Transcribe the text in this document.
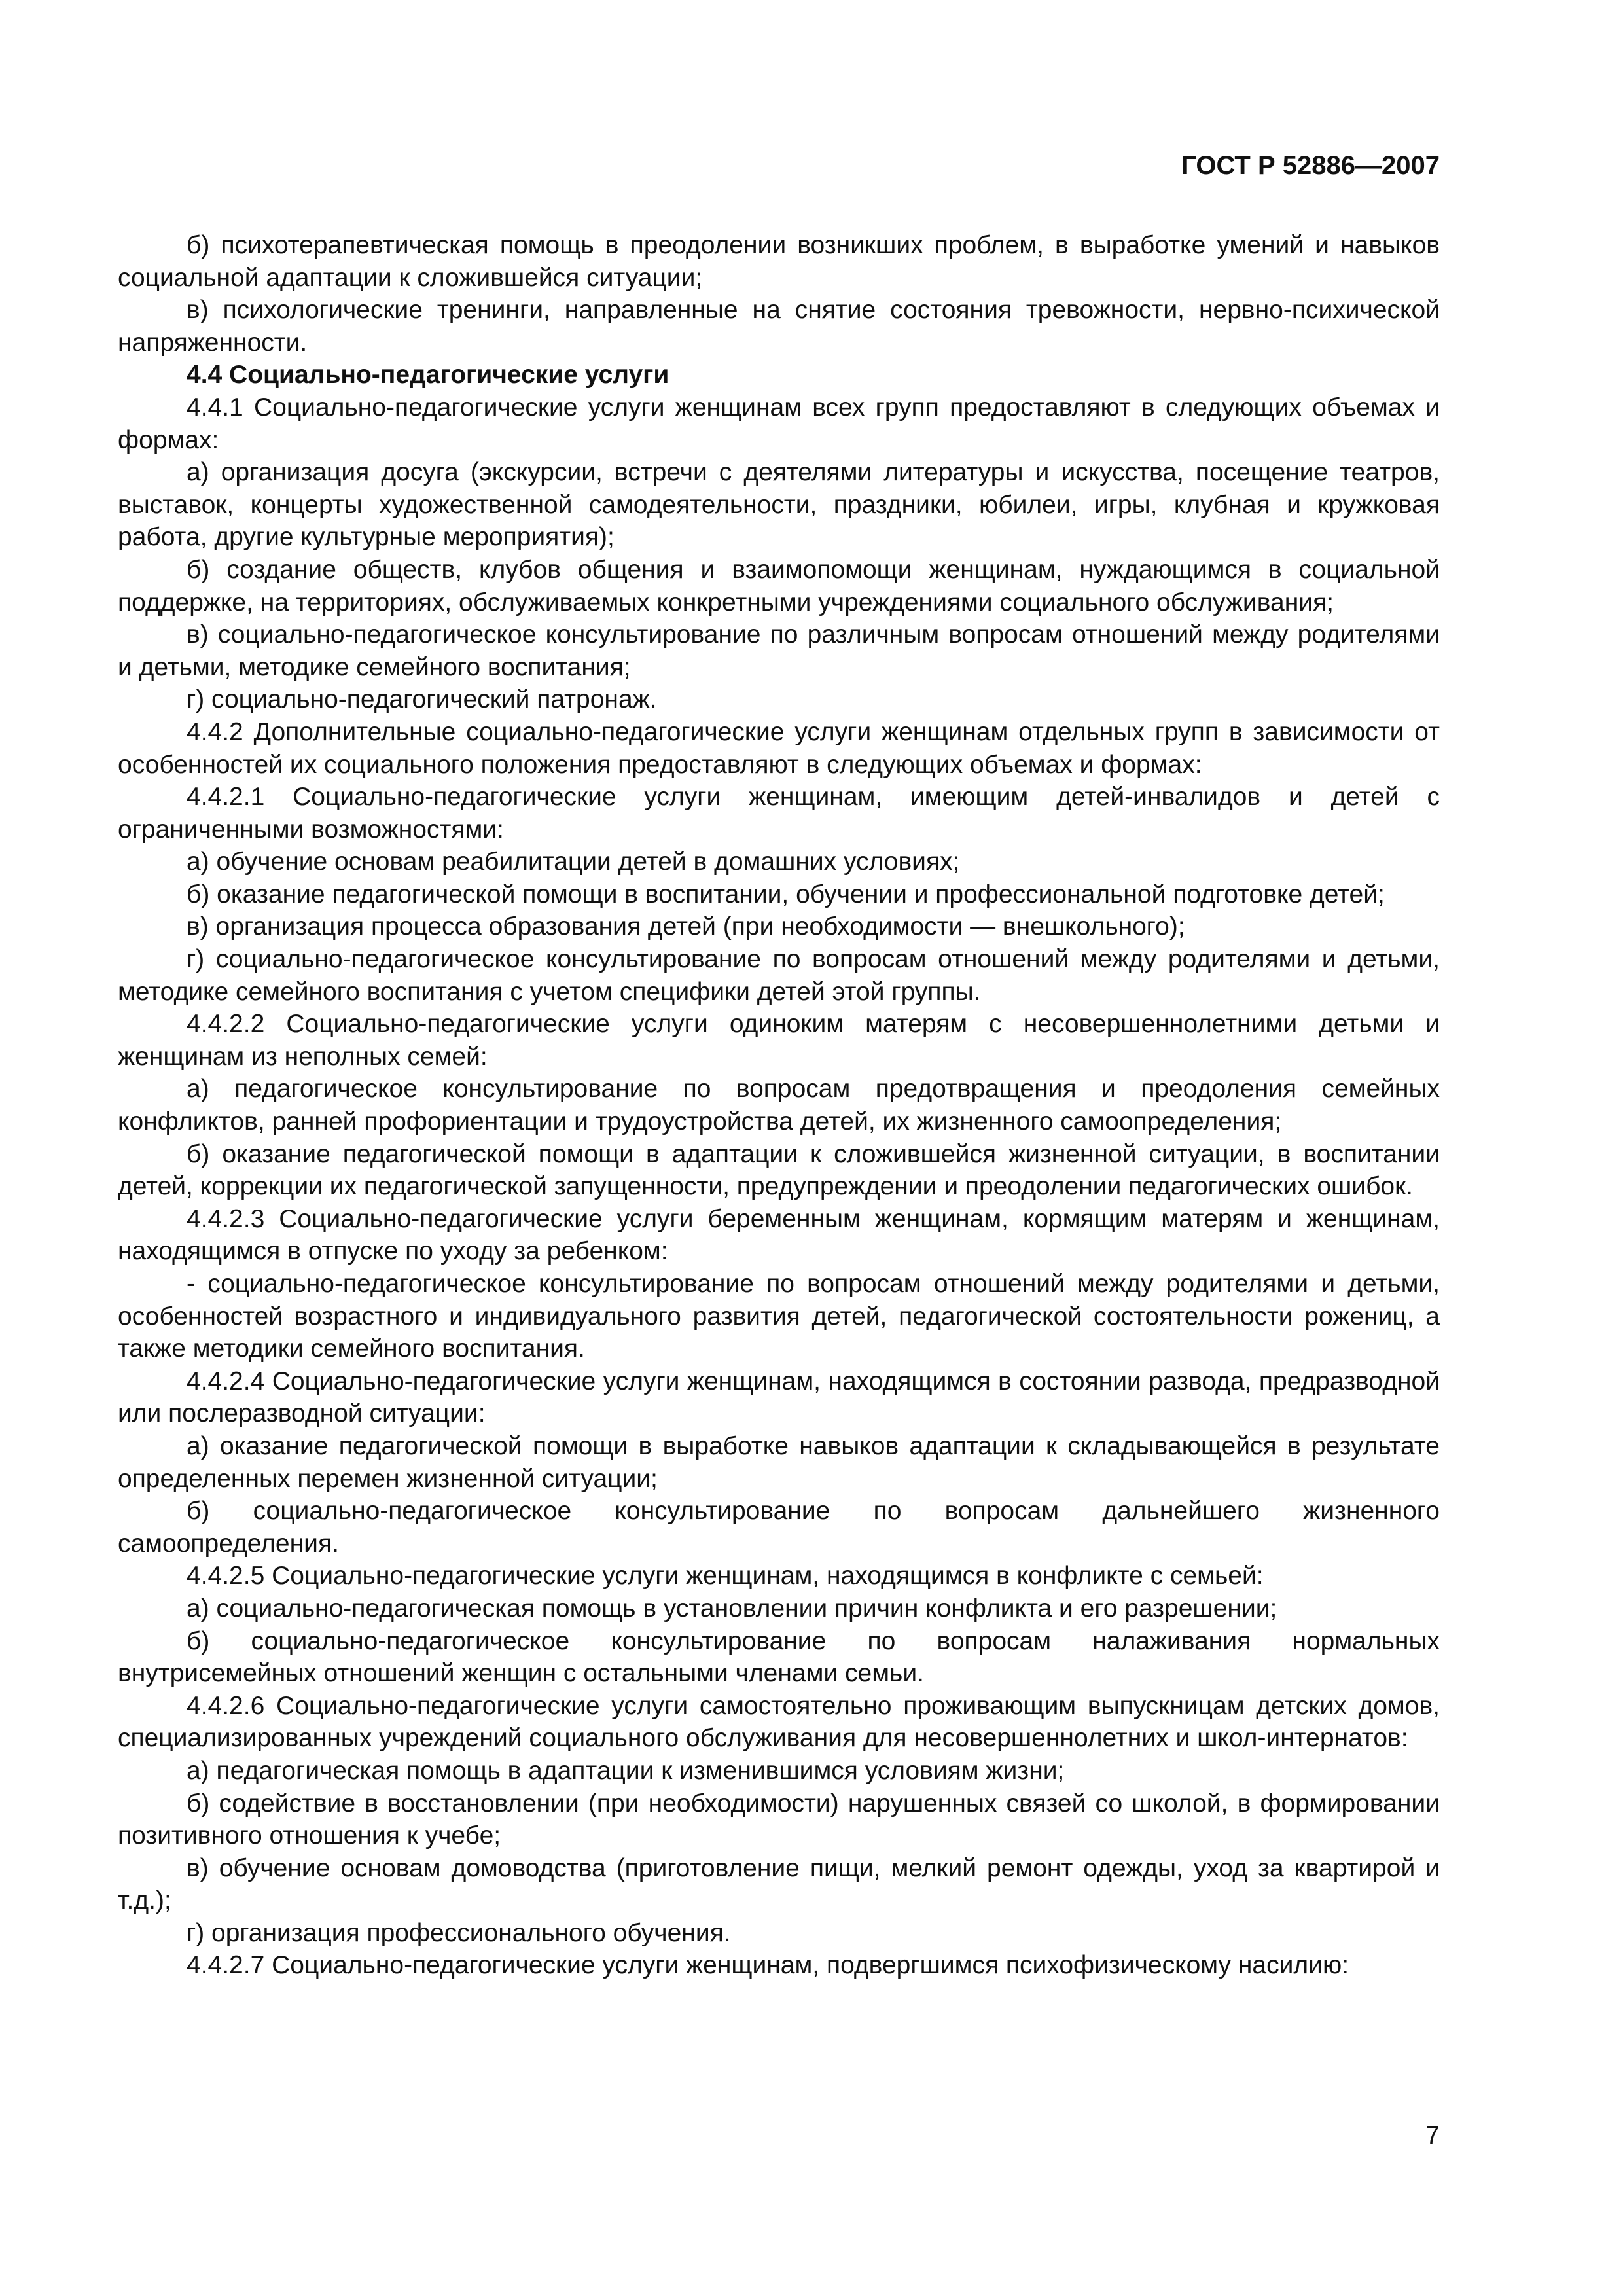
ГОСТ Р 52886—2007

б) психотерапевтическая помощь в преодолении возникших проблем, в выработке умений и навыков социальной адаптации к сложившейся ситуации;

в) психологические тренинги, направленные на снятие состояния тревожности, нервно-психической напряженности.

4.4 Социально-педагогические услуги

4.4.1 Социально-педагогические услуги женщинам всех групп предоставляют в следующих объемах и формах:

а) организация досуга (экскурсии, встречи с деятелями литературы и искусства, посещение театров, выставок, концерты художественной самодеятельности, праздники, юбилеи, игры, клубная и кружковая работа, другие культурные мероприятия);

б) создание обществ, клубов общения и взаимопомощи женщинам, нуждающимся в социальной поддержке, на территориях, обслуживаемых конкретными учреждениями социального обслуживания;

в) социально-педагогическое консультирование по различным вопросам отношений между родителями и детьми, методике семейного воспитания;

г) социально-педагогический патронаж.

4.4.2 Дополнительные социально-педагогические услуги женщинам отдельных групп в зависимости от особенностей их социального положения предоставляют в следующих объемах и формах:

4.4.2.1 Социально-педагогические услуги женщинам, имеющим детей-инвалидов и детей с ограниченными возможностями:

а) обучение основам реабилитации детей в домашних условиях;

б) оказание педагогической помощи в воспитании, обучении и профессиональной подготовке детей;

в) организация процесса образования детей (при необходимости — внешкольного);

г) социально-педагогическое консультирование по вопросам отношений между родителями и детьми, методике семейного воспитания с учетом специфики детей этой группы.

4.4.2.2 Социально-педагогические услуги одиноким матерям с несовершеннолетними детьми и женщинам из неполных семей:

а) педагогическое консультирование по вопросам предотвращения и преодоления семейных конфликтов, ранней профориентации и трудоустройства детей, их жизненного самоопределения;

б) оказание педагогической помощи в адаптации к сложившейся жизненной ситуации, в воспитании детей, коррекции их педагогической запущенности, предупреждении и преодолении педагогических ошибок.

4.4.2.3 Социально-педагогические услуги беременным женщинам, кормящим матерям и женщинам, находящимся в отпуске по уходу за ребенком:

- социально-педагогическое консультирование по вопросам отношений между родителями и детьми, особенностей возрастного и индивидуального развития детей, педагогической состоятельности рожениц, а также методики семейного воспитания.

4.4.2.4 Социально-педагогические услуги женщинам, находящимся в состоянии развода, предразводной или послеразводной ситуации:

а) оказание педагогической помощи в выработке навыков адаптации к складывающейся в результате определенных перемен жизненной ситуации;

б) социально-педагогическое консультирование по вопросам дальнейшего жизненного самоопределения.

4.4.2.5 Социально-педагогические услуги женщинам, находящимся в конфликте с семьей:

а) социально-педагогическая помощь в установлении причин конфликта и его разрешении;

б) социально-педагогическое консультирование по вопросам налаживания нормальных внутрисемейных отношений женщин с остальными членами семьи.

4.4.2.6 Социально-педагогические услуги самостоятельно проживающим выпускницам детских домов, специализированных учреждений социального обслуживания для несовершеннолетних и школ-интернатов:

а) педагогическая помощь в адаптации к изменившимся условиям жизни;

б) содействие в восстановлении (при необходимости) нарушенных связей со школой, в формировании позитивного отношения к учебе;

в) обучение основам домоводства (приготовление пищи, мелкий ремонт одежды, уход за квартирой и т.д.);

г) организация профессионального обучения.

4.4.2.7 Социально-педагогические услуги женщинам, подвергшимся психофизическому насилию:

7
